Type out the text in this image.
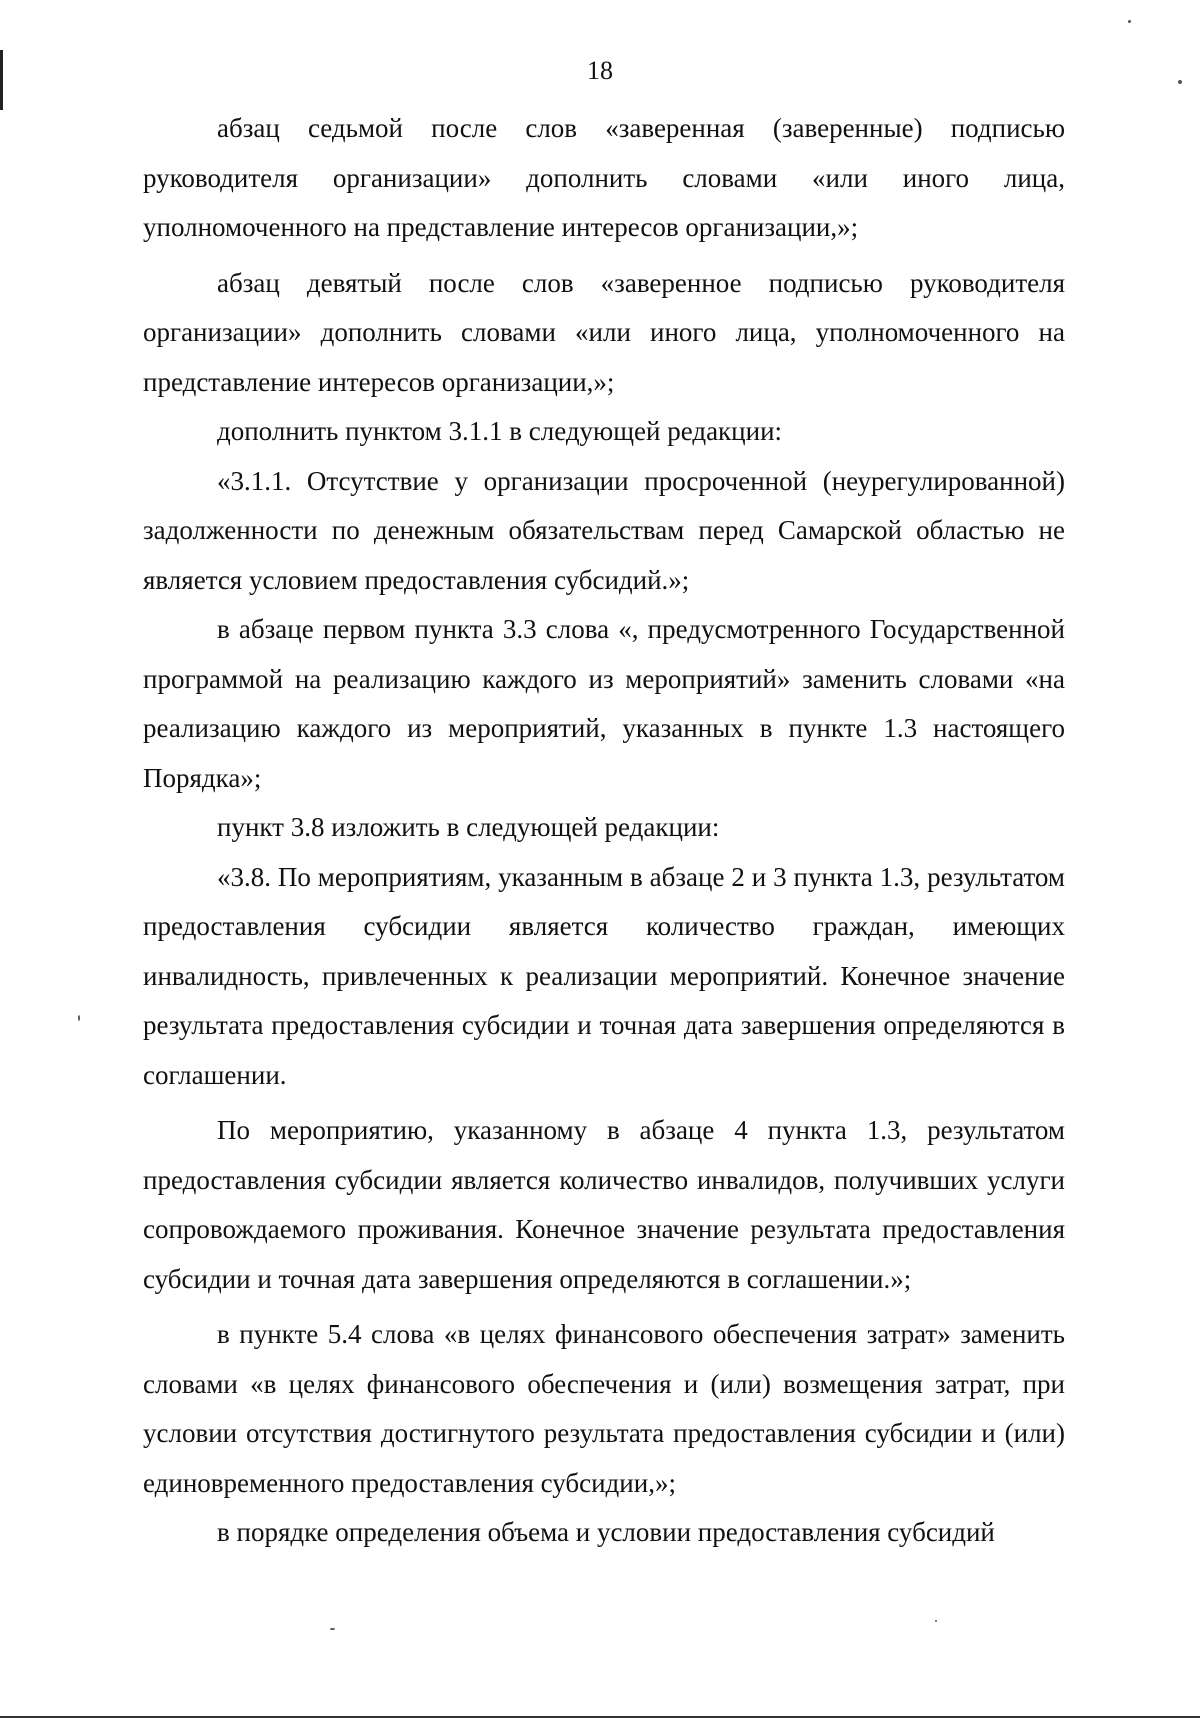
18

абзац седьмой после слов «заверенная (заверенные) подписью руководителя организации» дополнить словами «или иного лица, уполномоченного на представление интересов организации,»;

абзац девятый после слов «заверенное подписью руководителя организации» дополнить словами «или иного лица, уполномоченного на представление интересов организации,»;

дополнить пунктом 3.1.1 в следующей редакции:

«3.1.1. Отсутствие у организации просроченной (неурегулированной) задолженности по денежным обязательствам перед Самарской областью не является условием предоставления субсидий.»;

в абзаце первом пункта 3.3 слова «, предусмотренного Государственной программой на реализацию каждого из мероприятий» заменить словами «на реализацию каждого из мероприятий, указанных в пункте 1.3 настоящего Порядка»;

пункт 3.8 изложить в следующей редакции:

«3.8. По мероприятиям, указанным в абзаце 2 и 3 пункта 1.3, результатом предоставления субсидии является количество граждан, имеющих инвалидность, привлеченных к реализации мероприятий. Конечное значение результата предоставления субсидии и точная дата завершения определяются в соглашении.

По мероприятию, указанному в абзаце 4 пункта 1.3, результатом предоставления субсидии является количество инвалидов, получивших услуги сопровождаемого проживания. Конечное значение результата предоставления субсидии и точная дата завершения определяются в соглашении.»;

в пункте 5.4 слова «в целях финансового обеспечения затрат» заменить словами «в целях финансового обеспечения и (или) возмещения затрат, при условии отсутствия достигнутого результата предоставления субсидии и (или) единовременного предоставления субсидии,»;

в порядке определения объема и условии предоставления субсидий
